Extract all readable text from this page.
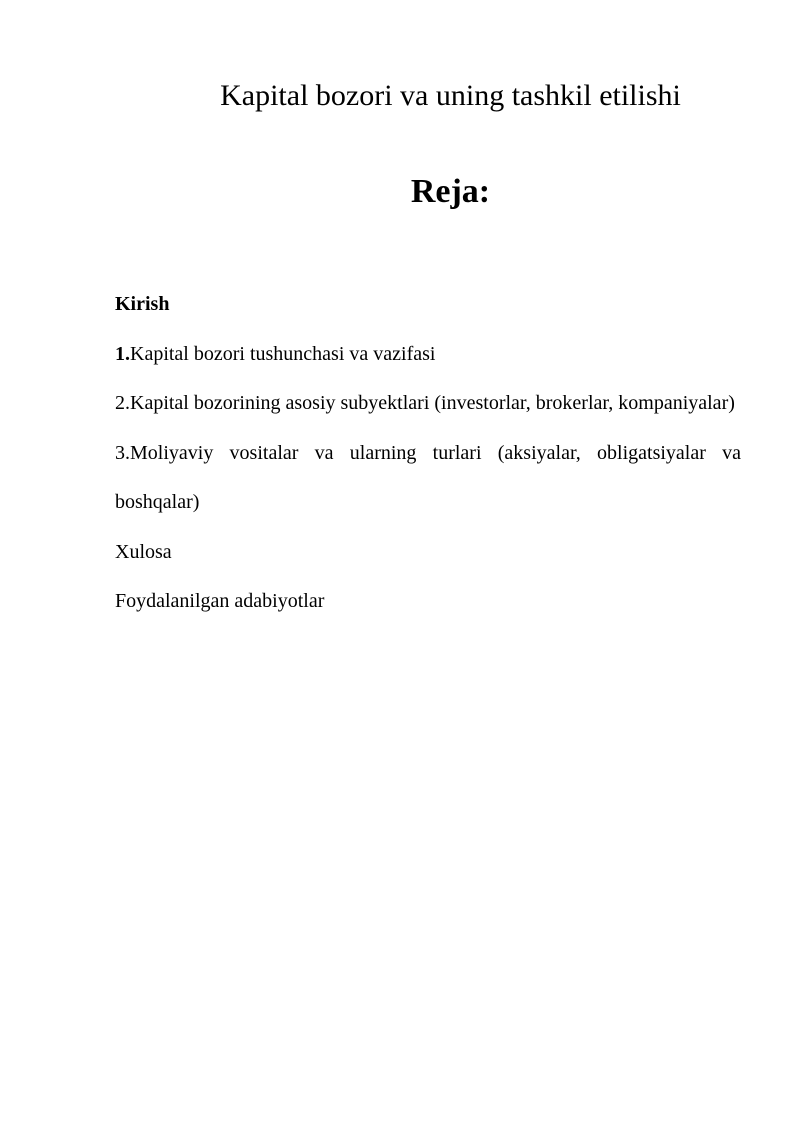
Kapital bozori va uning tashkil etilishi
Reja:

Kirish

1.Kapital bozori tushunchasi va vazifasi

2.Kapital bozorining asosiy subyektlari (investorlar, brokerlar, kompaniyalar)

3.Moliyaviy vositalar va ularning turlari (aksiyalar, obligatsiyalar va boshqalar)

Xulosa

Foydalanilgan adabiyotlar
